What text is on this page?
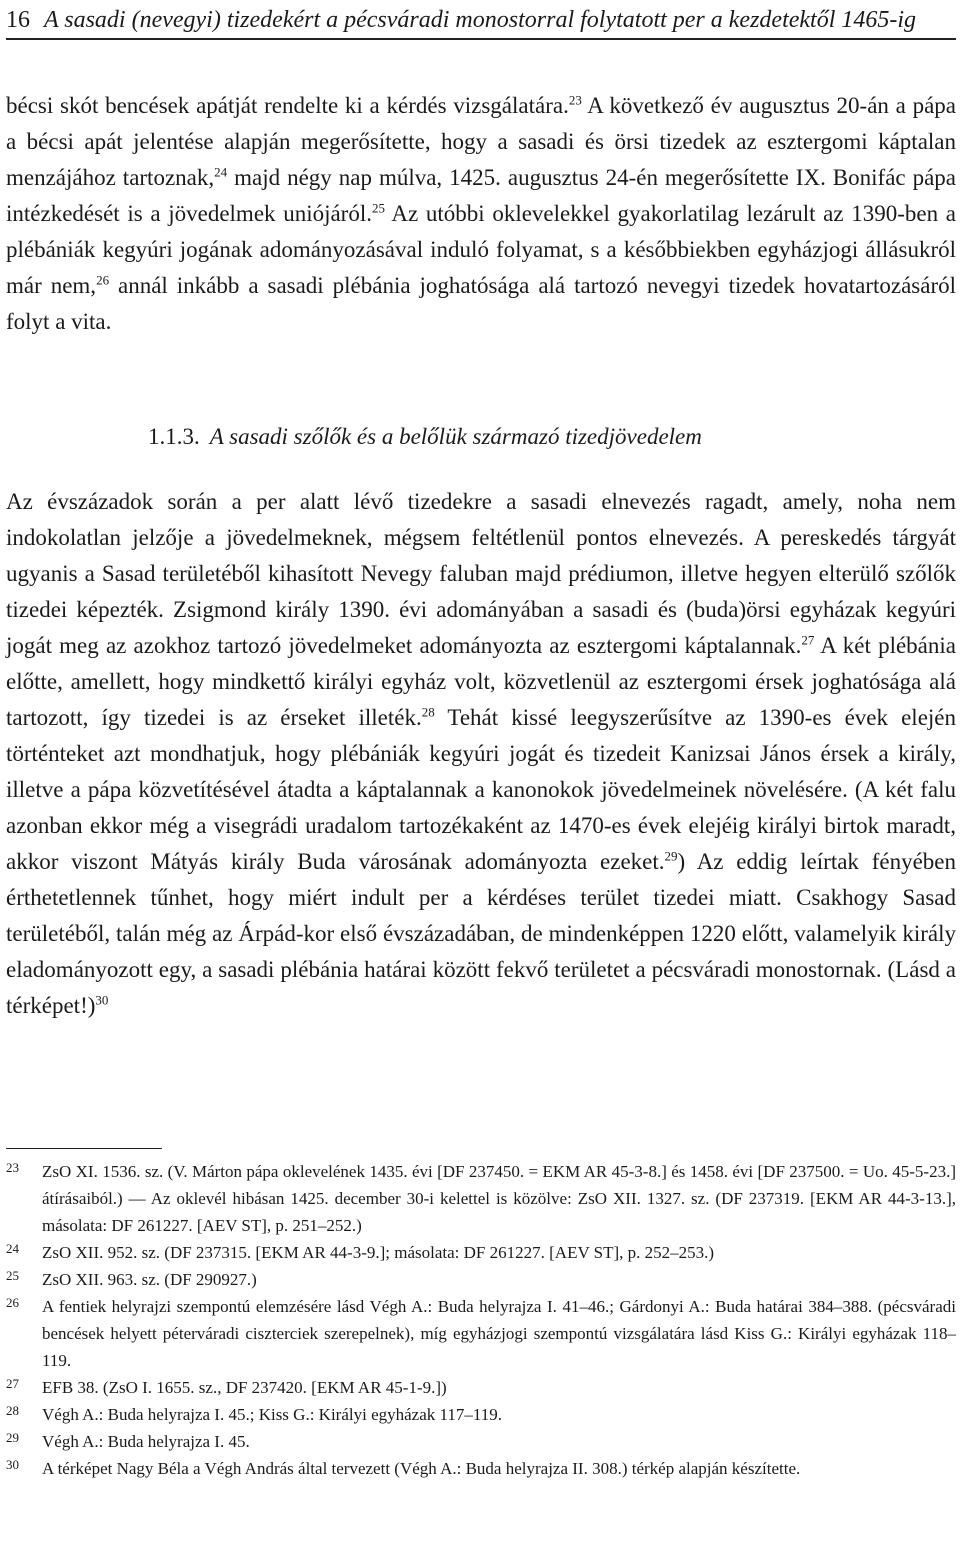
16 A sasadi (nevegyi) tizedekért a pécsváradi monostorral folytatott per a kezdetektől 1465-ig

bécsi skót bencések apátját rendelte ki a kérdés vizsgálatára.$^{23}$ A következő év augusztus 20-án a pápa a bécsi apát jelentése alapján megerősítette, hogy a sasadi és örsi tizedek az esztergomi káptalan menzájához tartoznak,$^{24}$ majd négy nap múlva, 1425. augusztus 24-én megerősítette IX. Bonifác pápa intézkedését is a jövedelmek uniójáról.$^{25}$ Az utóbbi oklevelekkel gyakorlatilag lezárult az 1390-ben a plébániák kegyúri jogának adományozásával induló folyamat, s a későbbiekben egyházjogi állásukról már nem,$^{26}$ annál inkább a sasadi plébánia joghatósága alá tartozó nevegyi tizedek hovatartozásáról folyt a vita.

1.1.3. A sasadi szőlők és a belőlük származó tizedjövedelem

Az évszázadok során a per alatt lévő tizedekre a sasadi elnevezés ragadt, amely, noha nem indokolatlan jelzője a jövedelmeknek, mégsem feltétlenül pontos elnevezés. A pereskedés tárgyát ugyanis a Sasad területéből kihasított Nevegy faluban majd prédiumon, illetve hegyen elterülő szőlők tizedei képezték. Zsigmond király 1390. évi adományában a sasadi és (buda)örsi egyházak kegyúri jogát meg az azokhoz tartozó jövedelmeket adományozta az esztergomi káptalannak.$^{27}$ A két plébánia előtte, amellett, hogy mindkettő királyi egyház volt, közvetlenül az esztergomi érsek joghatósága alá tartozott, így tizedei is az érseket illeték.$^{28}$ Tehát kissé leegyszerűsítve az 1390-es évek elején történteket azt mondhatjuk, hogy plébániák kegyúri jogát és tizedeit Kanizsai János érsek a király, illetve a pápa közvetítésével átadta a káptalannak a kanonokok jövedelmeinek növelésére. (A két falu azonban ekkor még a visegrádi uradalom tartozékaként az 1470-es évek elejéig királyi birtok maradt, akkor viszont Mátyás király Buda városának adományozta ezeket.$^{29}$) Az eddig leírtak fényében érthetetlennek tűnhet, hogy miért indult per a kérdéses terület tizedei miatt. Csakhogy Sasad területéből, talán még az Árpád-kor első évszázadában, de mindenképpen 1220 előtt, valamelyik király eladományozott egy, a sasadi plébánia határai között fekvő területet a pécsváradi monostornak. (Lásd a térképet!)$^{30}$

23 ZsO XI. 1536. sz. (V. Márton pápa oklevelének 1435. évi [DF 237450. = EKM AR 45-3-8.] és 1458. évi [DF 237500. = Uo. 45-5-23.] átírásaiból.) — Az oklevél hibásan 1425. december 30-i kelettel is közölve: ZsO XII. 1327. sz. (DF 237319. [EKM AR 44-3-13.], másolata: DF 261227. [AEV ST], p. 251–252.)
24 ZsO XII. 952. sz. (DF 237315. [EKM AR 44-3-9.]; másolata: DF 261227. [AEV ST], p. 252–253.)
25 ZsO XII. 963. sz. (DF 290927.)
26 A fentiek helyrajzi szempontú elemzésére lásd Végh A.: Buda helyrajza I. 41–46.; Gárdonyi A.: Buda határai 384–388. (pécsváradi bencések helyett péterváradi ciszterciek szerepelnek), míg egyházjogi szempontú vizsgálatára lásd Kiss G.: Királyi egyházak 118–119.
27 EFB 38. (ZsO I. 1655. sz., DF 237420. [EKM AR 45-1-9.])
28 Végh A.: Buda helyrajza I. 45.; Kiss G.: Királyi egyházak 117–119.
29 Végh A.: Buda helyrajza I. 45.
30 A térképet Nagy Béla a Végh András által tervezett (Végh A.: Buda helyrajza II. 308.) térkép alapján készítette.
